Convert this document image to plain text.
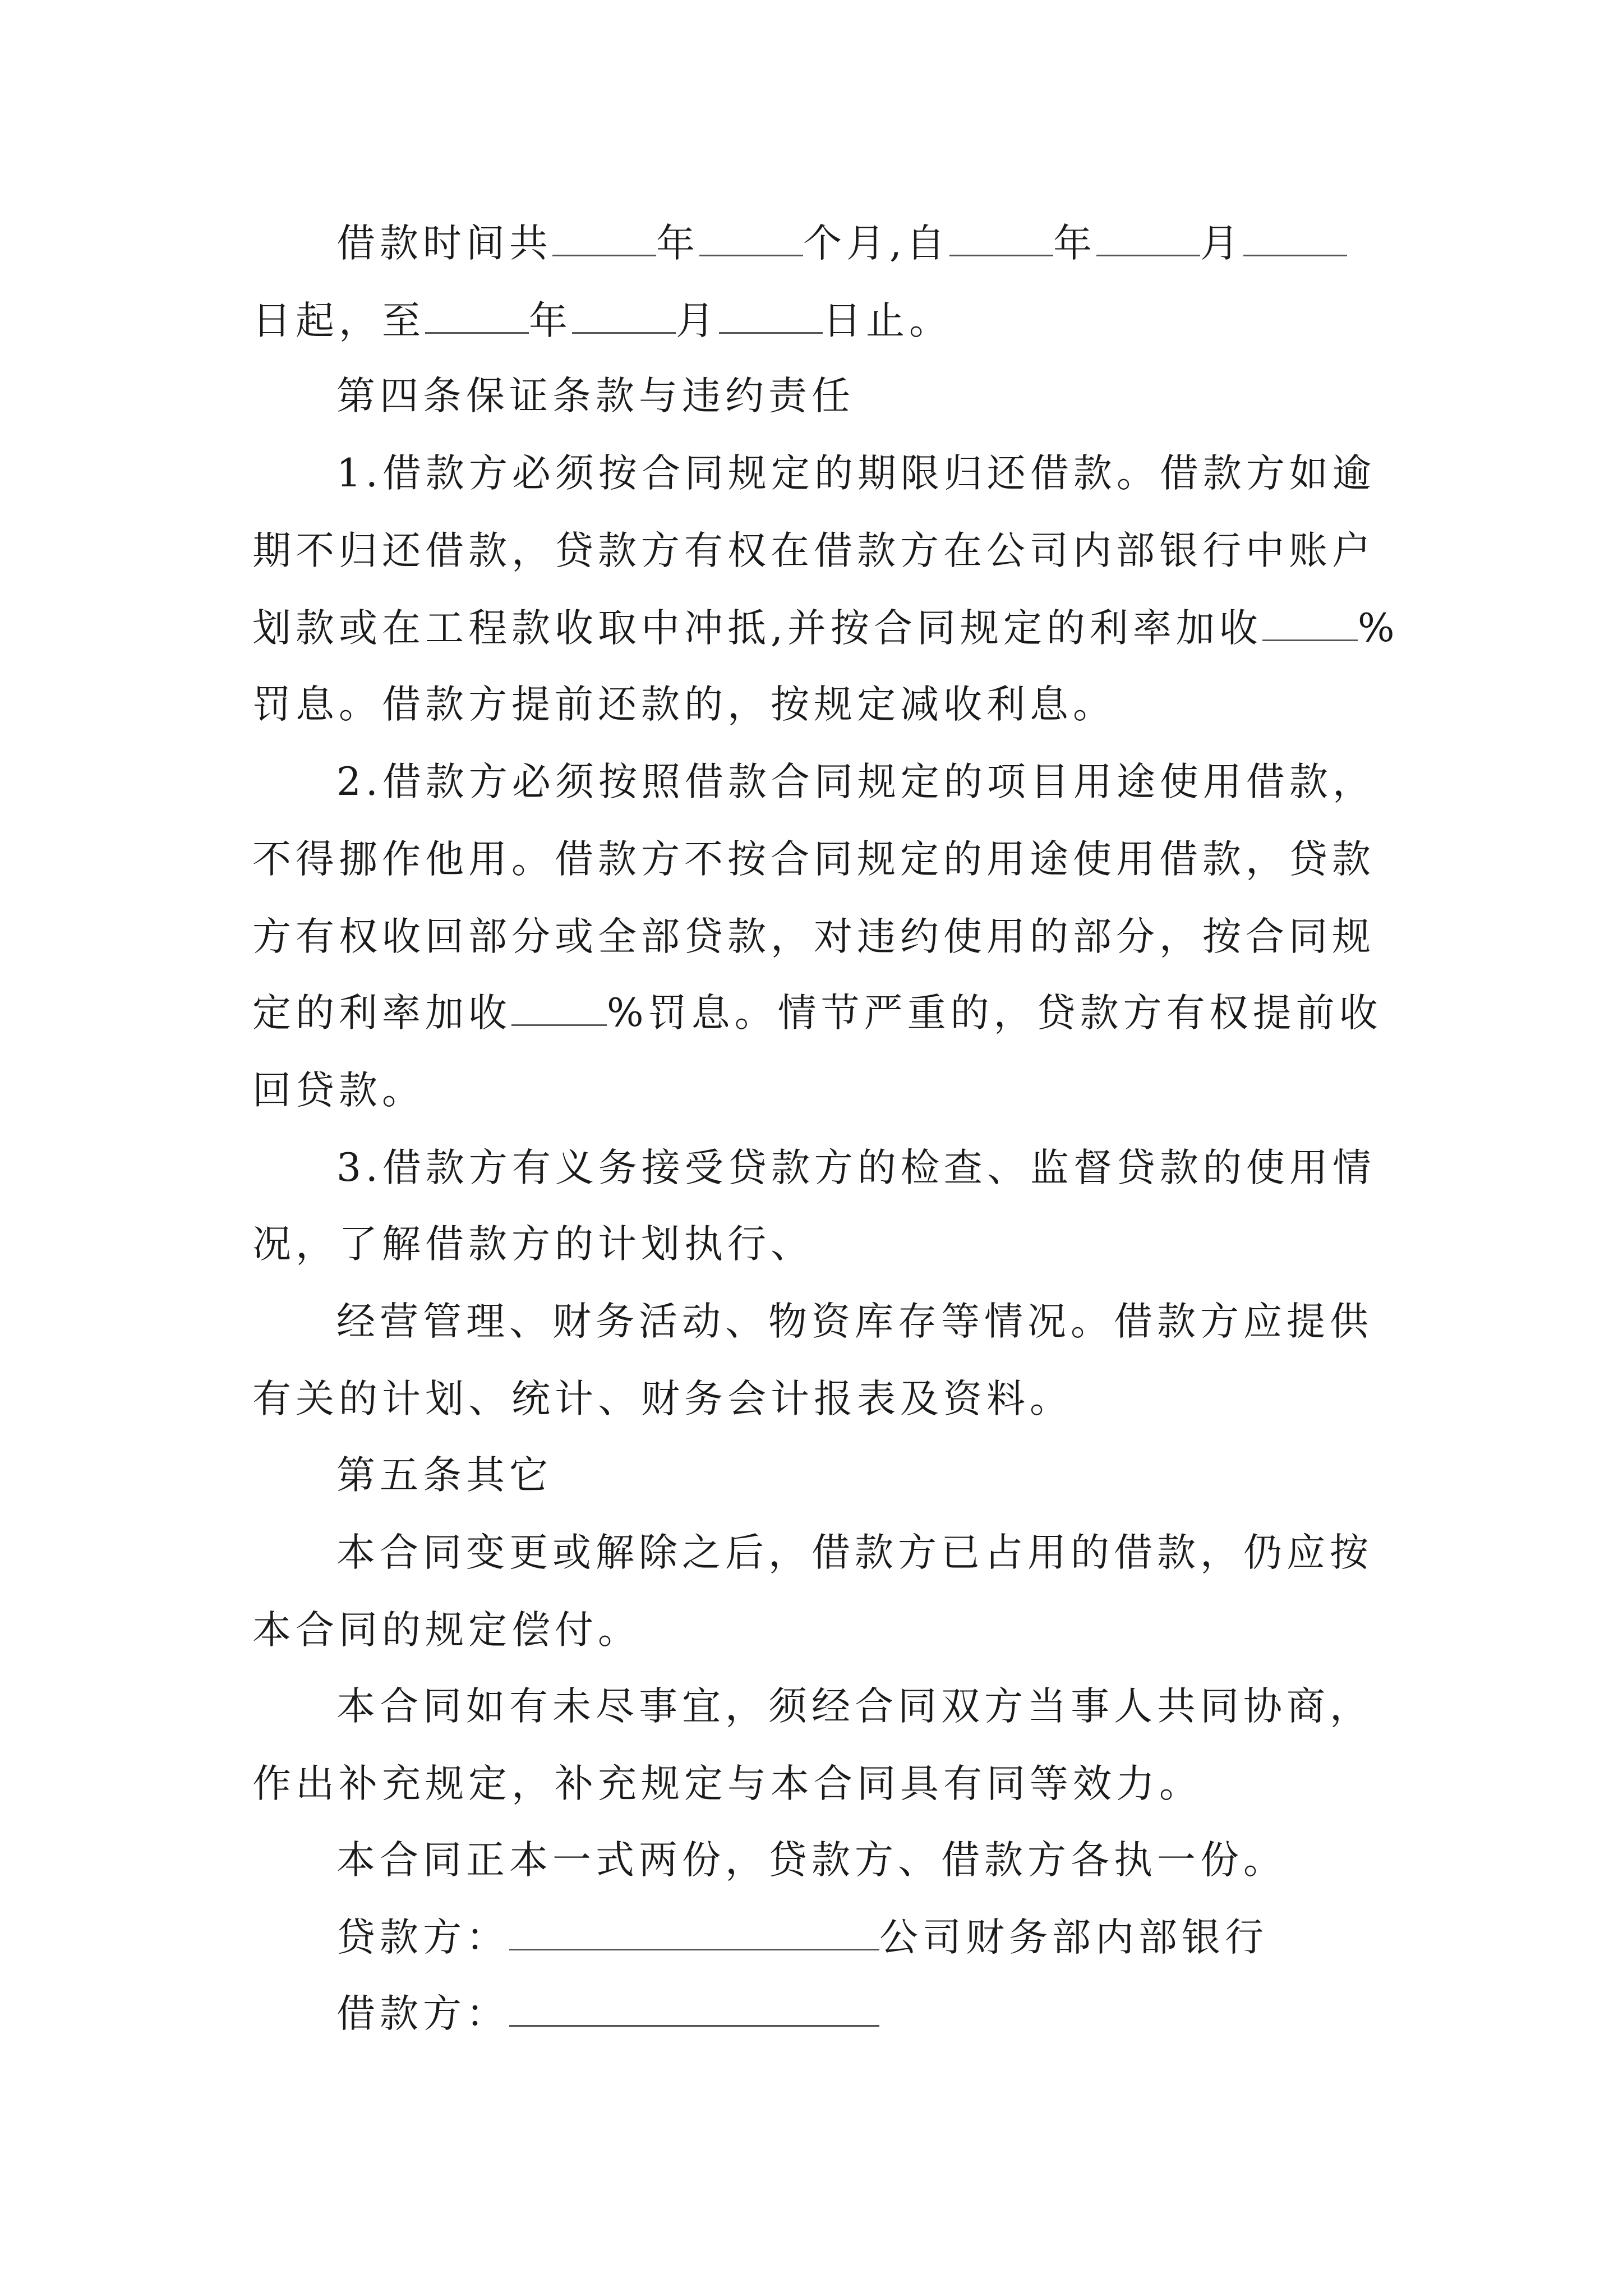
借款时间共	年	个月,自	年	月
日起，至	年	月	日止。
第四条保证条款与违约责任
1.借款方必须按合同规定的期限归还借款。借款方如逾
期不归还借款，贷款方有权在借款方在公司内部银行中账户
划款或在工程款收取中冲抵,并按合同规定的利率加收 %
罚息。借款方提前还款的，按规定减收利息。
2.借款方必须按照借款合同规定的项目用途使用借款，
不得挪作他用。借款方不按合同规定的用途使用借款，贷款
方有权收回部分或全部贷款，对违约使用的部分，按合同规
定的利率加收 %罚息。情节严重的，贷款方有权提前收
回贷款。
3.借款方有义务接受贷款方的检查、监督贷款的使用情
况，了解借款方的计划执行、
经营管理、财务活动、物资库存等情况。借款方应提供
有关的计划、统计、财务会计报表及资料。
第五条其它
本合同变更或解除之后，借款方已占用的借款，仍应按
本合同的规定偿付。
本合同如有未尽事宜，须经合同双方当事人共同协商，
作出补充规定，补充规定与本合同具有同等效力。
本合同正本一式两份，贷款方、借款方各执一份。
贷款方：	公司财务部内部银行
借款方：
